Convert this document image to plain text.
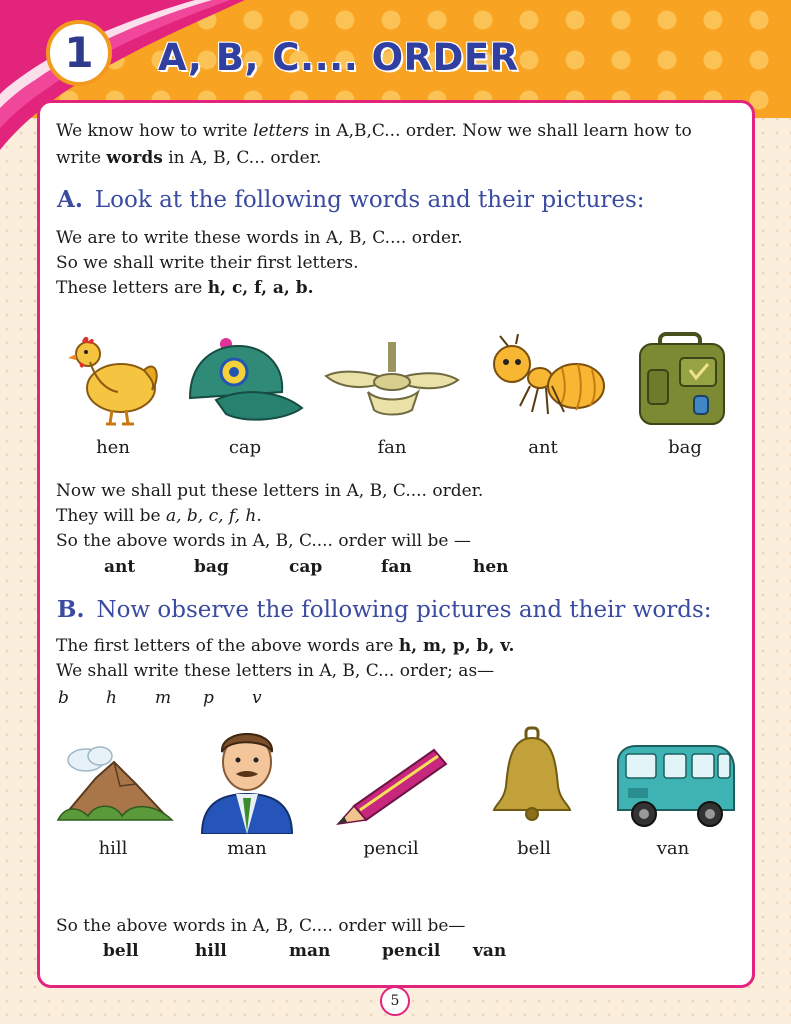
1	A, B, C.... ORDER
We know how to write letters in A,B,C... order. Now we shall learn how to
write words in A, B, C... order.
A. Look at the following words and their pictures:
We are to write these words in A, B, C.... order.
So we shall write their first letters.
These letters are h, c, f, a, b.
hen	cap	fan	ant	bag
Now we shall put these letters in A, B, C.... order.
They will be a, b, c, f, h.
So the above words in A, B, C.... order will be —
ant	bag	cap	fan	hen
B. Now observe the following pictures and their words:
The first letters of the above words are h, m, p, b, v.
We shall write these letters in A, B, C... order; as—
b h m p v
hill	man	pencil	bell	van
So the above words in A, B, C.... order will be—
bell	hill	man	pencil van
5
